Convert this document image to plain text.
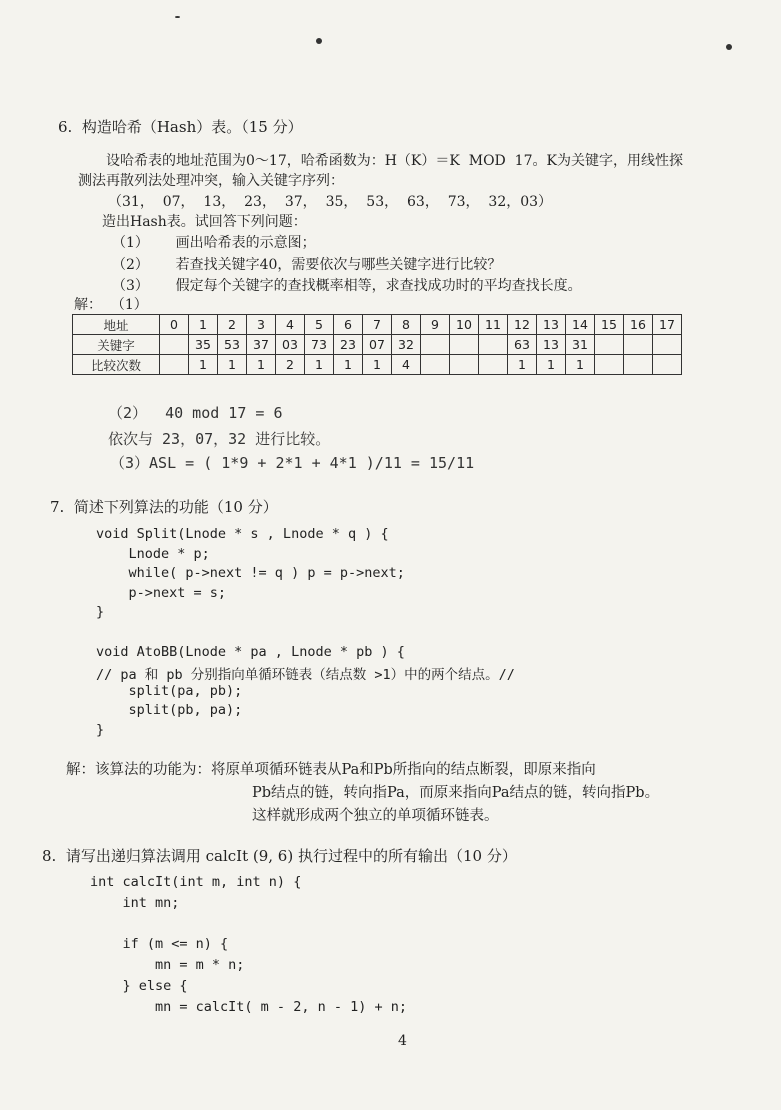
6.  构造哈希（Hash）表。（15 分）
设哈希表的地址范围为0～17，哈希函数为：H（K）＝K  MOD  17。K为关键字，用线性探
测法再散列法处理冲突，输入关键字序列：
（31，  07，  13，  23，  37，  35，  53，  63，  73，  32，03）
造出Hash表。试回答下列问题：
（1）      画出哈希表的示意图；
（2）      若查找关键字40，需要依次与哪些关键字进行比较？
（3）      假定每个关键字的查找概率相等，求查找成功时的平均查找长度。
解：  （1）
地址	0	1	2	3	4	5	6	7	8	9	10	11	12	13	14	15	16	17
关键字		35	53	37	03	73	23	07	32				63	13	31			
比较次数		1	1	1	2	1	1	1	4				1	1	1			
（2）  40 mod 17 = 6
依次与 23，07，32 进行比较。
（3）ASL = ( 1*9 + 2*1 + 4*1 )/11 = 15/11
7.  简述下列算法的功能（10 分）
void Split(Lnode * s , Lnode * q ) {
Lnode * p;
while( p->next != q ) p = p->next;
p->next = s;
}
void AtoBB(Lnode * pa , Lnode * pb ) {
// pa 和 pb 分别指向单循环链表（结点数 >1）中的两个结点。//
split(pa, pb);
split(pb, pa);
}
解：该算法的功能为：将原单项循环链表从Pa和Pb所指向的结点断裂，即原来指向
Pb结点的链，转向指Pa，而原来指向Pa结点的链，转向指Pb。
这样就形成两个独立的单项循环链表。
8.  请写出递归算法调用 calcIt (9, 6) 执行过程中的所有输出（10 分）
int calcIt(int m, int n) {
int mn;
if (m <= n) {
mn = m * n;
} else {
mn = calcIt( m - 2, n - 1) + n;
4
